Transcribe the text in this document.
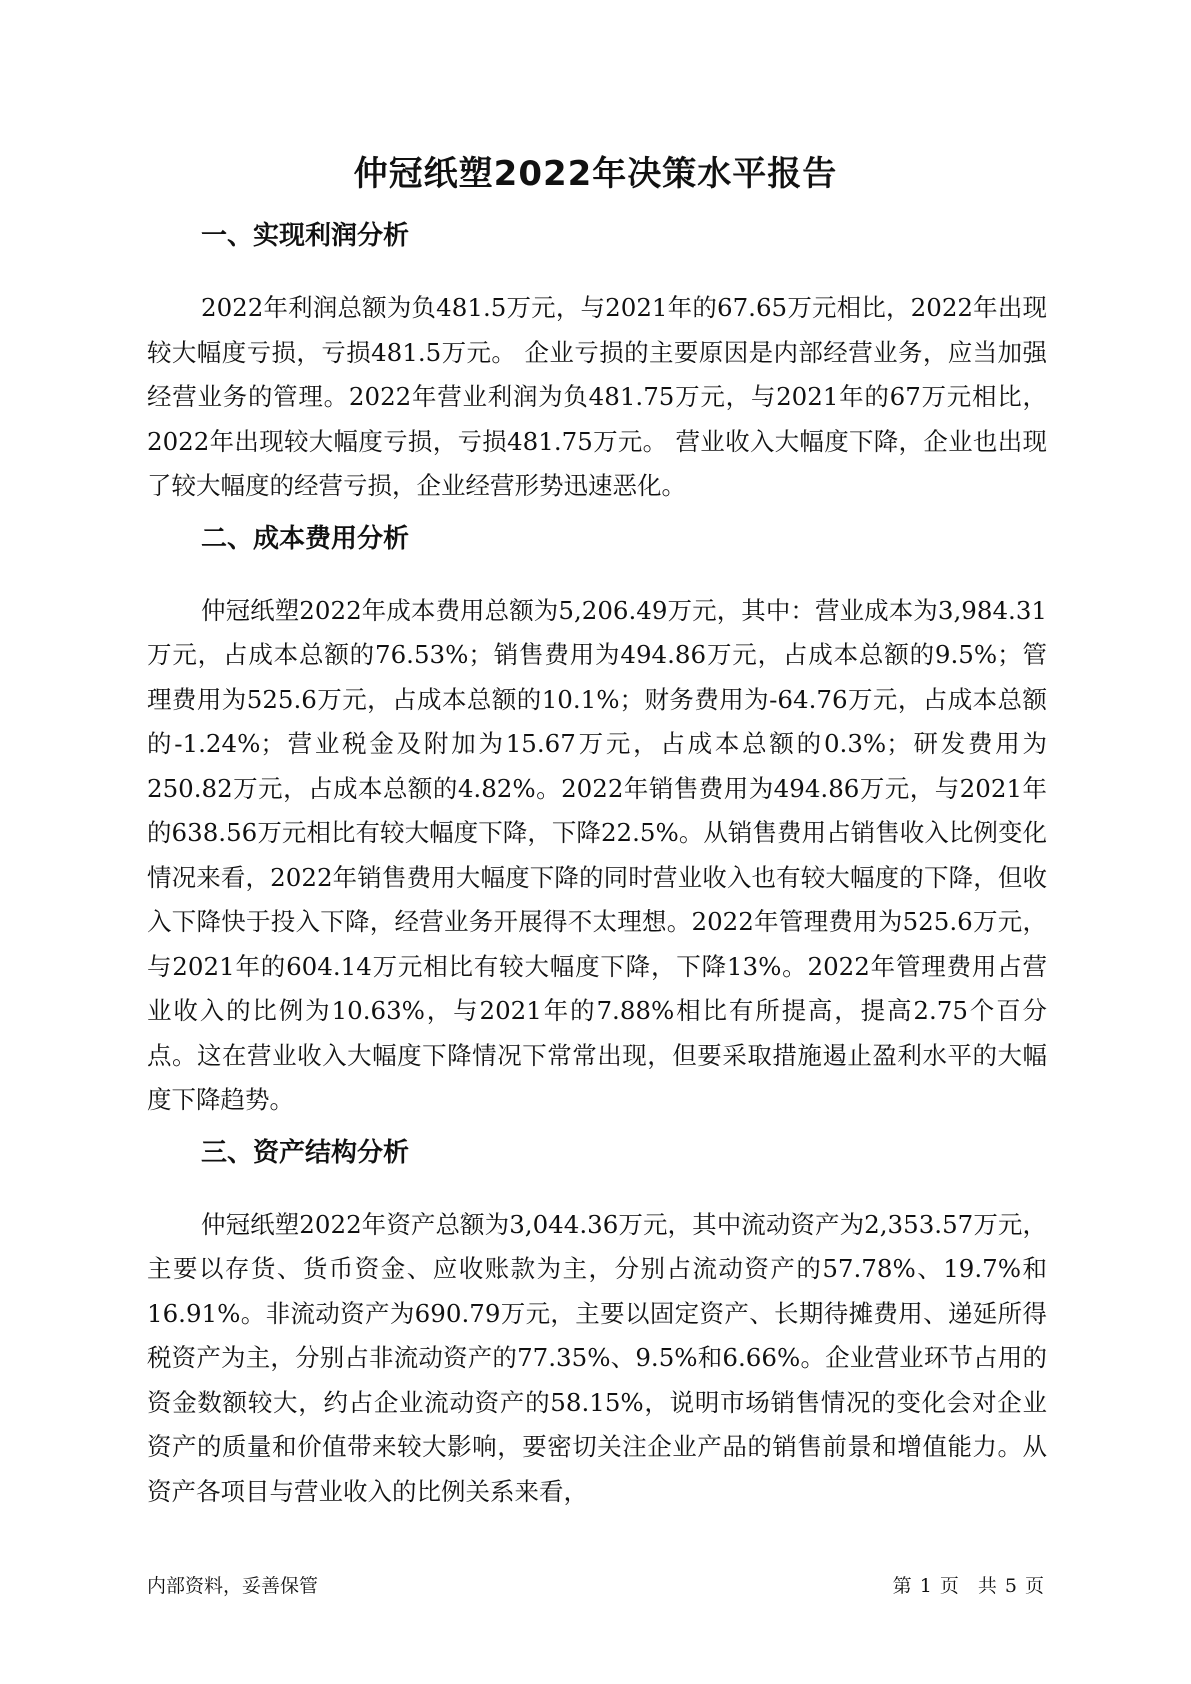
仲冠纸塑2022年决策水平报告
一、实现利润分析

2022年利润总额为负481.5万元，与2021年的67.65万元相比，2022年出现较大幅度亏损，亏损481.5万元。 企业亏损的主要原因是内部经营业务，应当加强经营业务的管理。2022年营业利润为负481.75万元，与2021年的67万元相比，2022年出现较大幅度亏损，亏损481.75万元。 营业收入大幅度下降，企业也出现了较大幅度的经营亏损，企业经营形势迅速恶化。

二、成本费用分析

仲冠纸塑2022年成本费用总额为5,206.49万元，其中：营业成本为3,984.31万元，占成本总额的76.53%；销售费用为494.86万元，占成本总额的9.5%；管理费用为525.6万元，占成本总额的10.1%；财务费用为-64.76万元，占成本总额的-1.24%；营业税金及附加为15.67万元，占成本总额的0.3%；研发费用为250.82万元，占成本总额的4.82%。2022年销售费用为494.86万元，与2021年的638.56万元相比有较大幅度下降，下降22.5%。从销售费用占销售收入比例变化情况来看，2022年销售费用大幅度下降的同时营业收入也有较大幅度的下降，但收入下降快于投入下降，经营业务开展得不太理想。2022年管理费用为525.6万元，与2021年的604.14万元相比有较大幅度下降，下降13%。2022年管理费用占营业收入的比例为10.63%，与2021年的7.88%相比有所提高，提高2.75个百分点。这在营业收入大幅度下降情况下常常出现，但要采取措施遏止盈利水平的大幅度下降趋势。

三、资产结构分析

仲冠纸塑2022年资产总额为3,044.36万元，其中流动资产为2,353.57万元，主要以存货、货币资金、应收账款为主，分别占流动资产的57.78%、19.7%和16.91%。非流动资产为690.79万元，主要以固定资产、长期待摊费用、递延所得税资产为主，分别占非流动资产的77.35%、9.5%和6.66%。企业营业环节占用的资金数额较大，约占企业流动资产的58.15%，说明市场销售情况的变化会对企业资产的质量和价值带来较大影响，要密切关注企业产品的销售前景和增值能力。从资产各项目与营业收入的比例关系来看，

内部资料，妥善保管	第 1 页　共 5 页
